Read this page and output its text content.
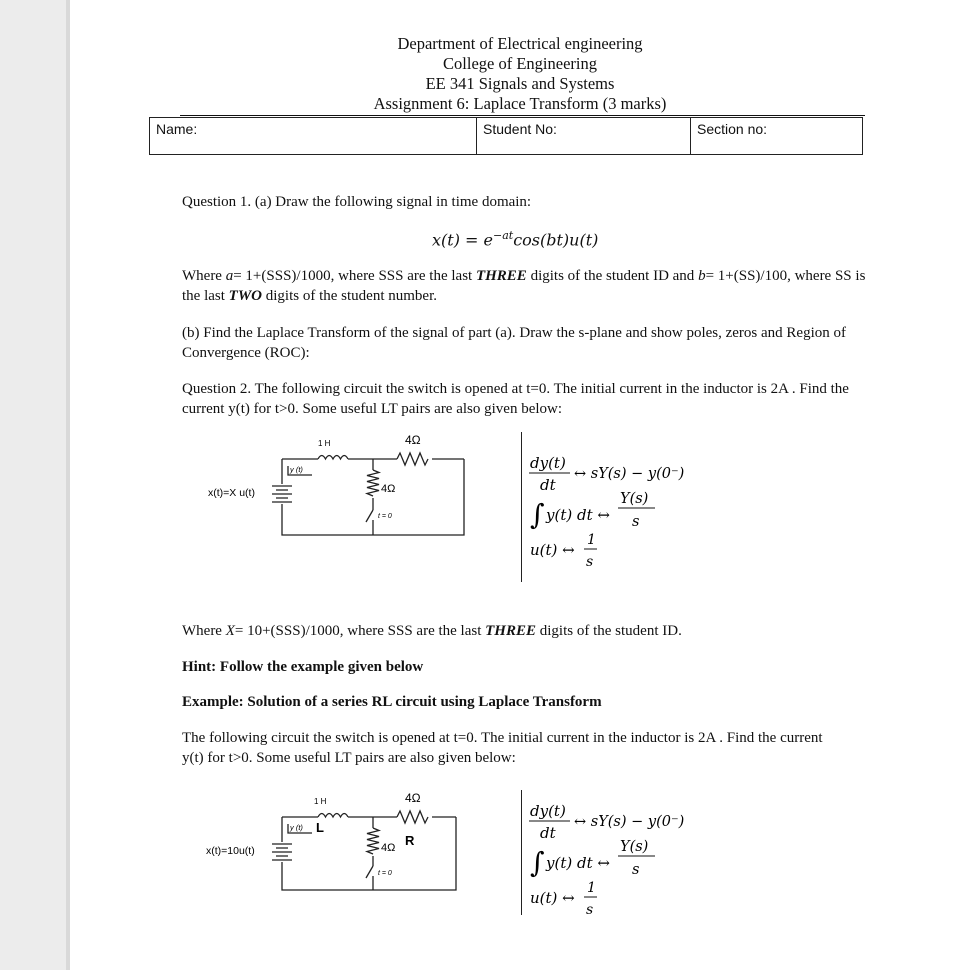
Department of Electrical engineering
College of Engineering
EE 341 Signals and Systems
Assignment 6: Laplace Transform (3 marks)
Name:	Student No:	Section no:
Question 1. (a) Draw the following signal in time domain:
$x(t) = e^{-at}\cos(bt)u(t)$
Where a= 1+(SSS)/1000, where SSS are the last THREE digits of the student ID and b= 1+(SS)/100, where SS is the last TWO digits of the student number.
(b) Find the Laplace Transform of the signal of part (a). Draw the s-plane and show poles, zeros and Region of Convergence (ROC):
Question 2. The following circuit the switch is opened at t=0. The initial current in the inductor is 2A . Find the current y(t) for t>0. Some useful LT pairs are also given below:
1 H	4Ω
4Ω
y (t)
x(t)=X u(t)
t = 0
dy(t)
dt
↔ sY(s) − y(0⁻)
∫ y(t) dt ↔
Y(s)
s
u(t) ↔
1
s
Where X= 10+(SSS)/1000, where SSS are the last THREE digits of the student ID.
Hint: Follow the example given below
Example: Solution of a series RL circuit using Laplace Transform
The following circuit the switch is opened at t=0. The initial current in the inductor is 2A . Find the current y(t) for t>0. Some useful LT pairs are also given below:
1 H	4Ω
4Ω
y (t) L
R
x(t)=10u(t)
t = 0
dy(t)
dt
↔ sY(s) − y(0⁻)
∫ y(t) dt ↔
Y(s)
s
u(t) ↔
1
s
